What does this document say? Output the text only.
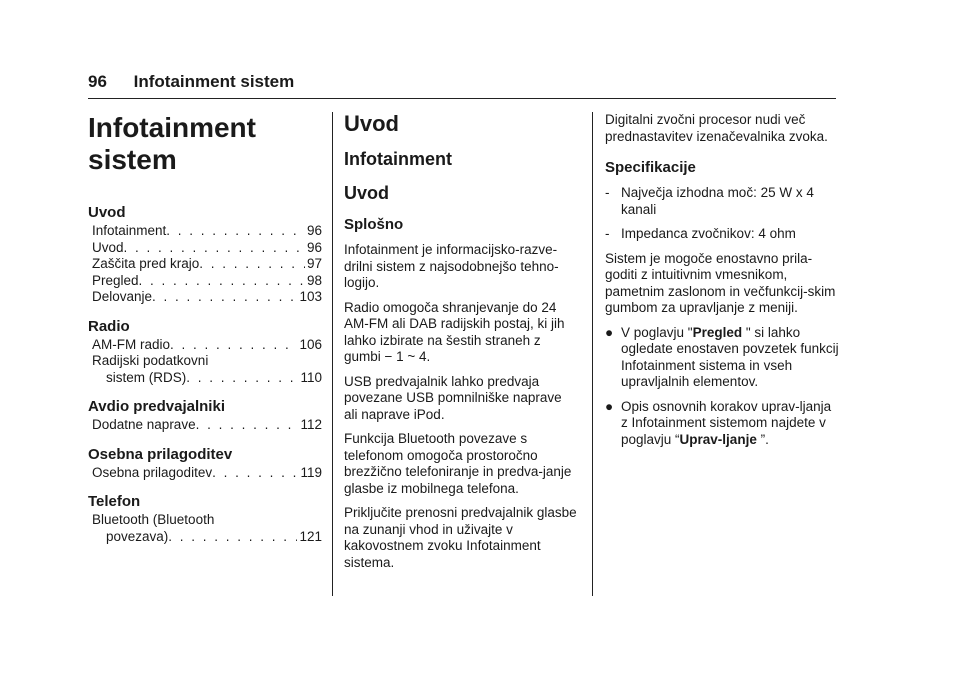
96 Infotainment sistem
Infotainment
sistem
Uvod
Infotainment . . .	96
Uvod . . .	96
Zaščita pred krajo . . .	97
Pregled . . .	98
Delovanje . . .	103
Radio
AM-FM radio . . .	106
Radijski podatkovni
sistem (RDS) . . .	110
Avdio predvajalniki
Dodatne naprave . . .	112
Osebna prilagoditev
Osebna prilagoditev . . .	119
Telefon
Bluetooth (Bluetooth
povezava) . . .	121
Uvod
Infotainment
Uvod
Splošno

Infotainment je informacijsko-razve-drilni sistem z najsodobnejšo tehno-logijo.

Radio omogoča shranjevanje do 24 AM-FM ali DAB radijskih postaj, ki jih lahko izbirate na šestih straneh z gumbi − 1 ~ 4.

USB predvajalnik lahko predvaja povezane USB pomnilniške naprave ali naprave iPod.

Funkcija Bluetooth povezave s telefonom omogoča prostoročno brezžično telefoniranje in predva-janje glasbe iz mobilnega telefona.

Priključite prenosni predvajalnik glasbe na zunanji vhod in uživajte v kakovostnem zvoku Infotainment sistema.

Digitalni zvočni procesor nudi več prednastavitev izenačevalnika zvoka.

Specifikacije
- Največja izhodna moč: 25 W x 4 kanali
- Impedanca zvočnikov: 4 ohm

Sistem je mogoče enostavno prila-goditi z intuitivnim vmesnikom, pametnim zaslonom in večfunkcij-skim gumbom za upravljanje z meniji.

● V poglavju "Pregled " si lahko ogledate enostaven povzetek funkcij Infotainment sistema in vseh upravljalnih elementov.
● Opis osnovnih korakov uprav-ljanja z Infotainment sistemom najdete v poglavju “Uprav-ljanje ”.
